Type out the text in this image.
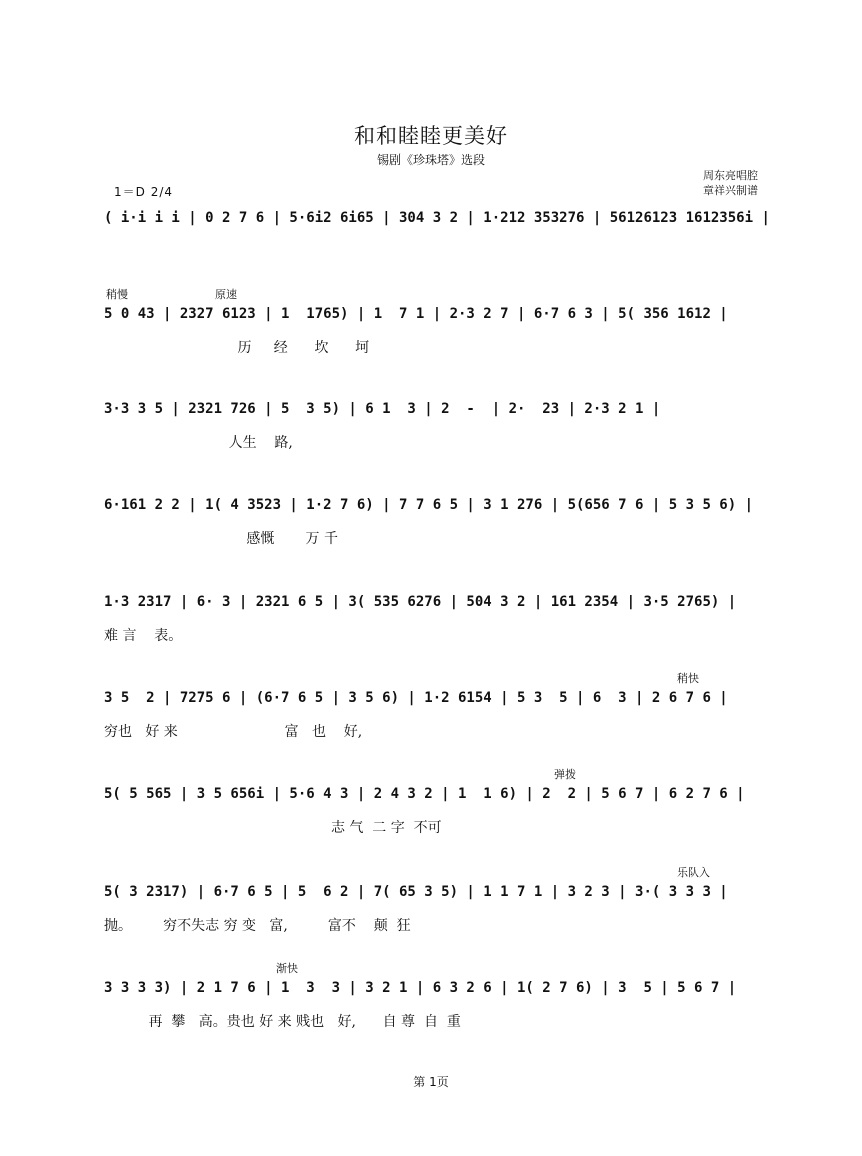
和和睦睦更美好
锡剧《珍珠塔》选段
1＝D 2/4
周东亮唱腔
章祥兴制谱
( i·i i i | 0 2 7 6 | 5·6i2 6i65 | 304 3 2 | 1·212 353276 | 56126123 1612356i |
稍慢	原速
5 0 43 | 2327 6123 | 1  1765) | 1  7 1 | 2·3 2 7 | 6·7 6 3 | 5( 356 1612 |
历     经      坎      坷
3·3 3 5 | 2321 726 | 5  3 5) | 6 1  3 | 2  -  | 2·  23 | 2·3 2 1 |
人生    路,
6·161 2 2 | 1( 4 3523 | 1·2 7 6) | 7 7 6 5 | 3 1 276 | 5(656 7 6 | 5 3 5 6) |
感慨       万 千
1·3 2317 | 6· 3 | 2321 6 5 | 3( 535 6276 | 504 3 2 | 161 2354 | 3·5 2765) |
难 言    表。
稍快
3 5  2 | 7275 6 | (6·7 6 5 | 3 5 6) | 1·2 6154 | 5 3  5 | 6  3 | 2 6 7 6 |
穷也   好 来                        富   也    好,
弹拨
5( 5 565 | 3 5 656i | 5·6 4 3 | 2 4 3 2 | 1  1 6) | 2  2 | 5 6 7 | 6 2 7 6 |
志 气  二 字  不可
乐队入
5( 3 2317) | 6·7 6 5 | 5  6 2 | 7( 65 3 5) | 1 1 7 1 | 3 2 3 | 3·( 3 3 3 |
抛。       穷不失志 穷 变   富,         富不    颠  狂
渐快
3 3 3 3) | 2 1 7 6 | 1  3  3 | 3 2 1 | 6 3 2 6 | 1( 2 7 6) | 3  5 | 5 6 7 |
再  攀   高。贵也 好 来 贱也   好,      自 尊  自  重
第 1页
